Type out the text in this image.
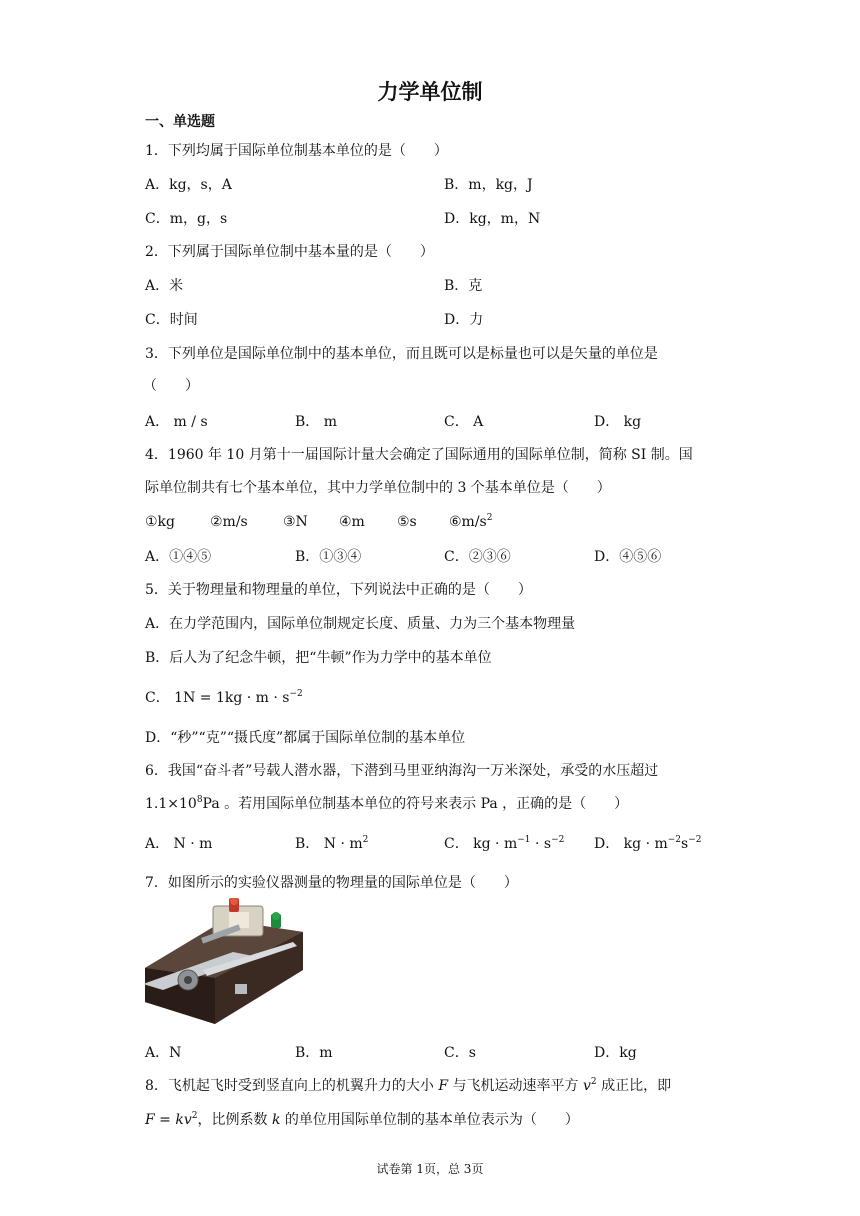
力学单位制
一、单选题
1．下列均属于国际单位制基本单位的是（　　）
A．kg，s，A	B．m，kg，J
C．m，g，s	D．kg，m，N
2．下列属于国际单位制中基本量的是（　　）
A．米	B．克
C．时间	D．力
3．下列单位是国际单位制中的基本单位，而且既可以是标量也可以是矢量的单位是
（　　）
A． m / s	B． m	C． A	D． kg
4．1960 年 10 月第十一届国际计量大会确定了国际通用的国际单位制，简称 SI 制。国
际单位制共有七个基本单位，其中力学单位制中的 3 个基本单位是（　　）
①kg	②m/s	③N ④m ⑤s $⑥m/s^2$
A．①④⑤	B．①③④	C．②③⑥	D．④⑤⑥
5．关于物理量和物理量的单位，下列说法中正确的是（　　）
A．在力学范围内，国际单位制规定长度、质量、力为三个基本物理量
B．后人为了纪念牛顿，把“牛顿”作为力学中的基本单位
C． $1N = 1kg \cdot m \cdot s^{-2}$
D．“秒”“克”“摄氏度”都属于国际单位制的基本单位
6．我国“奋斗者”号载人潜水器，下潜到马里亚纳海沟一万米深处，承受的水压超过
$1.1\times 10^8Pa$ 。若用国际单位制基本单位的符号来表示 Pa ，正确的是（　　）
A． N · m	B． $N \cdot m^2$	C． kg · $m^{-1} \cdot s^{-2}$ D． kg · $m^{-2}s^{-2}$
7．如图所示的实验仪器测量的物理量的国际单位是（　　）
A．N	B．m	C．s	D．kg
8．飞机起飞时受到竖直向上的机翼升力的大小 F 与飞机运动速率平方 $v^2$ 成正比，即
$F = kv^2$，比例系数 k 的单位用国际单位制的基本单位表示为（　　）
试卷第 1页，总 3页
